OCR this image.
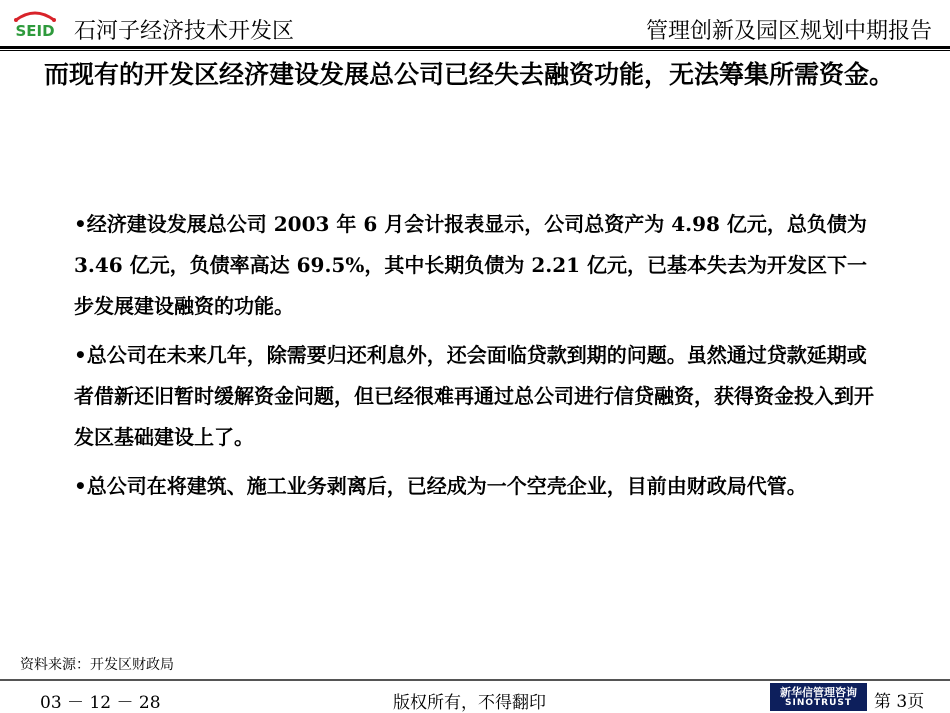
SEID 石河子经济技术开发区	管理创新及园区规划中期报告
而现有的开发区经济建设发展总公司已经失去融资功能，无法筹集所需资金。
•经济建设发展总公司 2003 年 6 月会计报表显示，公司总资产为 4.98 亿元，总负债为 3.46 亿元，负债率高达 69.5%，其中长期负债为 2.21 亿元，已基本失去为开发区下一步发展建设融资的功能。
•总公司在未来几年，除需要归还利息外，还会面临贷款到期的问题。虽然通过贷款延期或者借新还旧暂时缓解资金问题，但已经很难再通过总公司进行信贷融资，获得资金投入到开发区基础建设上了。
•总公司在将建筑、施工业务剥离后，已经成为一个空壳企业，目前由财政局代管。
资料来源：开发区财政局
03 － 12 － 28	版权所有，不得翻印
新华信管理咨询
SINOTRUST	第 3页
